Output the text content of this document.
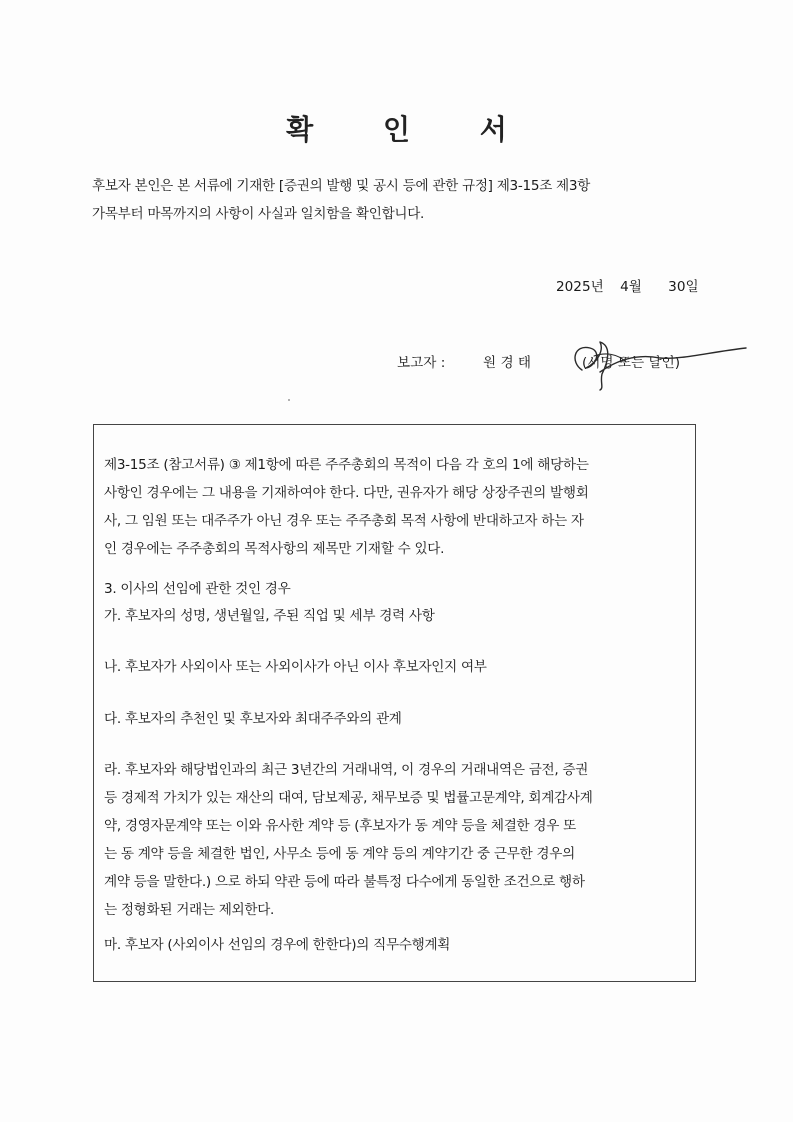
확 인 서
후보자 본인은 본 서류에 기재한 [증권의 발행 및 공시 등에 관한 규정] 제3-15조 제3항
가목부터 마목까지의 사항이 사실과 일치함을 확인합니다.
2025년 4월 30일
보고자 :	원 경 태	(서명 또는 날인)
제3-15조 (참고서류) ③ 제1항에 따른 주주총회의 목적이 다음 각 호의 1에 해당하는
사항인 경우에는 그 내용을 기재하여야 한다. 다만, 권유자가 해당 상장주권의 발행회
사, 그 임원 또는 대주주가 아닌 경우 또는 주주총회 목적 사항에 반대하고자 하는 자
인 경우에는 주주총회의 목적사항의 제목만 기재할 수 있다.
3. 이사의 선임에 관한 것인 경우
가. 후보자의 성명, 생년월일, 주된 직업 및 세부 경력 사항
나. 후보자가 사외이사 또는 사외이사가 아닌 이사 후보자인지 여부
다. 후보자의 추천인 및 후보자와 최대주주와의 관계
라. 후보자와 해당법인과의 최근 3년간의 거래내역, 이 경우의 거래내역은 금전, 증권
등 경제적 가치가 있는 재산의 대여, 담보제공, 채무보증 및 법률고문계약, 회계감사계
약, 경영자문계약 또는 이와 유사한 계약 등 (후보자가 동 계약 등을 체결한 경우 또
는 동 계약 등을 체결한 법인, 사무소 등에 동 계약 등의 계약기간 중 근무한 경우의
계약 등을 말한다.) 으로 하되 약관 등에 따라 불특정 다수에게 동일한 조건으로 행하
는 정형화된 거래는 제외한다.
마. 후보자 (사외이사 선임의 경우에 한한다)의 직무수행계획
